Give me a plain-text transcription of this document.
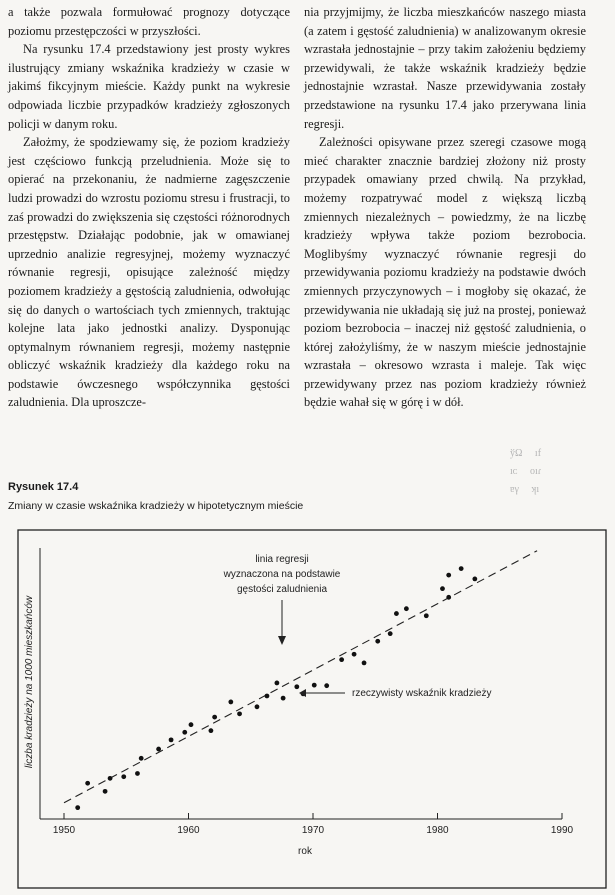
a także pozwala formułować prognozy dotyczące poziomu przestępczości w przyszłości.

Na rysunku 17.4 przedstawiony jest prosty wykres ilustrujący zmiany wskaźnika kradzieży w czasie w jakimś fikcyjnym mieście. Każdy punkt na wykresie odpowiada liczbie przypadków kradzieży zgłoszonych policji w danym roku.

Założmy, że spodziewamy się, że poziom kradzieży jest częściowo funkcją przeludnienia. Może się to opierać na przekonaniu, że nadmierne zagęszczenie ludzi prowadzi do wzrostu poziomu stresu i frustracji, to zaś prowadzi do zwiększenia się częstości różnorodnych przestępstw. Działając podobnie, jak w omawianej uprzednio analizie regresyjnej, możemy wyznaczyć równanie regresji, opisujące zależność między poziomem kradzieży a gęstością zaludnienia, odwołując się do danych o wartościach tych zmiennych, traktując kolejne lata jako jednostki analizy. Dysponując optymalnym równaniem regresji, możemy następnie obliczyć wskaźnik kradzieży dla każdego roku na podstawie ówczesnego współczynnika gęstości zaludnienia. Dla uproszcze-

nia przyjmijmy, że liczba mieszkańców naszego miasta (a zatem i gęstość zaludnienia) w analizowanym okresie wzrastała jednostajnie – przy takim założeniu będziemy przewidywali, że także wskaźnik kradzieży będzie jednostajnie wzrastał. Nasze przewidywania zostały przedstawione na rysunku 17.4 jako przerywana linia regresji.

Zależności opisywane przez szeregi czasowe mogą mieć charakter znacznie bardziej złożony niż prosty przypadek omawiany przed chwilą. Na przykład, możemy rozpatrywać model z większą liczbą zmiennych niezależnych – powiedzmy, że na liczbę kradzieży wpływa także poziom bezrobocia. Moglibyśmy wyznaczyć równanie regresji do przewidywania poziomu kradzieży na podstawie dwóch zmiennych przyczynowych – i mogłoby się okazać, że przewidywania nie układają się już na prostej, ponieważ poziom bezrobocia – inaczej niż gęstość zaludnienia, o której założyliśmy, że w naszym mieście jednostajnie wzrastała – okresowo wzrasta i maleje. Tak więc przewidywany przez nas poziom kradzieży również będzie wahał się w górę i w dół.

Rysunek 17.4
Zmiany w czasie wskaźnika kradzieży w hipotetycznym mieście
ўΩ     ıf
ıᴄ     ᴏıɾ
ɐγ     ʞı
1950	1960	1970	1980	1990
liczba kradzieży na 1000 mieszkańców
rok
linia regresji
wyznaczona na podstawie
gęstości zaludnienia
rzeczywisty wskaźnik kradzieży
